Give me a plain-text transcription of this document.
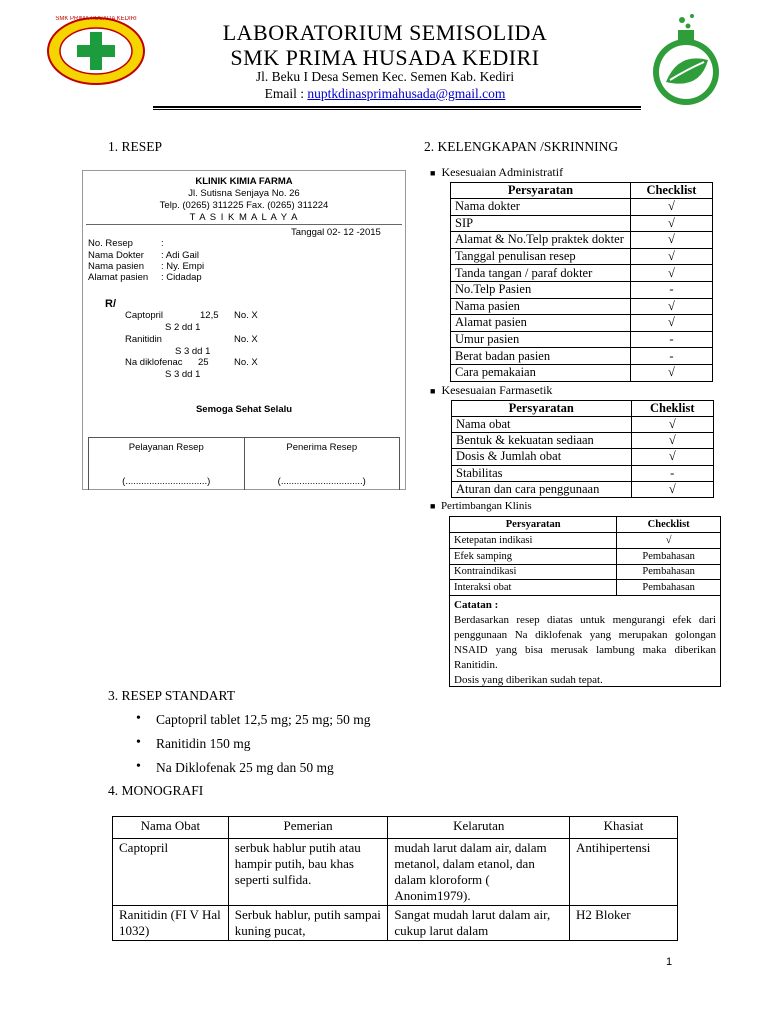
SMK PRIMA HUSADA KEDIRI
LABORATORIUM SEMISOLIDA
SMK PRIMA HUSADA KEDIRI
Jl. Beku I Desa Semen Kec. Semen Kab. Kediri
Email : nuptkdinasprimahusada@gmail.com
1. RESEP	2. KELENGKAPAN /SKRINNING
KLINIK KIMIA FARMA
Jl. Sutisna Senjaya No. 26
Telp. (0265) 311225 Fax. (0265) 311224
T A S I K M A L A Y A
Tanggal 02- 12 -2015
No. Resep	:
Nama Dokter : Adi Gail
Nama pasien : Ny. Empi
Alamat pasien : Cidadap
R/
Captopril	12,5 No. X
S 2 dd 1
Ranitidin	No. X
S 3 dd 1
Na diklofenac 25	No. X
S 3 dd 1
Semoga Sehat Selalu
Pelayanan Resep
(...............................)
Penerima Resep
(...............................)
■ Kesesuaian Administratif
Persyaratan	Checklist
Nama dokter	√
SIP	√
Alamat & No.Telp praktek dokter	√
Tanggal penulisan resep	√
Tanda tangan / paraf dokter	√
No.Telp Pasien	-
Nama pasien	√
Alamat pasien	√
Umur pasien	-
Berat badan pasien	-
Cara pemakaian	√
■ Kesesuaian Farmasetik
Persyaratan	Cheklist
Nama obat	√
Bentuk & kekuatan sediaan	√
Dosis & Jumlah obat	√
Stabilitas	-
Aturan dan cara penggunaan	√
■ Pertimbangan Klinis
Persyaratan	Checklist
Ketepatan indikasi	√
Efek samping	Pembahasan
Kontraindikasi	Pembahasan
Interaksi obat	Pembahasan
Catatan :
Berdasarkan resep diatas untuk mengurangi efek dari penggunaan Na diklofenak yang merupakan golongan NSAID yang bisa merusak lambung maka diberikan Ranitidin.
Dosis yang diberikan sudah tepat.
3. RESEP STANDART
• Captopril tablet 12,5 mg; 25 mg; 50 mg
• Ranitidin 150 mg
• Na Diklofenak 25 mg dan 50 mg
4. MONOGRAFI
Nama Obat	Pemerian	Kelarutan	Khasiat
Captopril	serbuk hablur putih atau hampir putih, bau khas seperti sulfida.	mudah larut dalam air, dalam metanol, dalam etanol, dan dalam kloroform ( Anonim1979).	Antihipertensi
Ranitidin (FI V Hal 1032)	Serbuk hablur, putih sampai kuning pucat,	Sangat mudah larut dalam air, cukup larut dalam	H2 Bloker
1
